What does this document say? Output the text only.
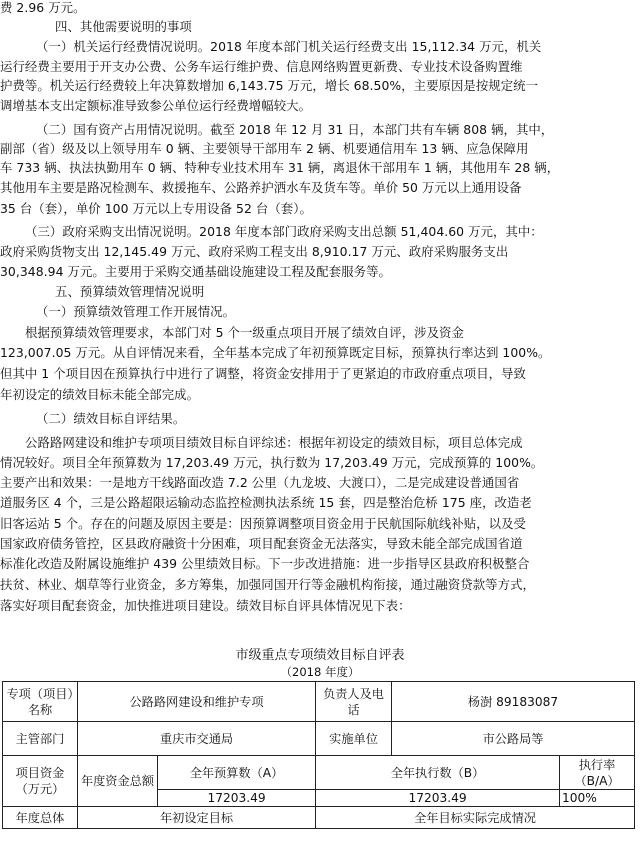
费 2.96 万元。

四、其他需要说明的事项

（一）机关运行经费情况说明。2018 年度本部门机关运行经费支出 15,112.34 万元，机关

运行经费主要用于开支办公费、公务车运行维护费、信息网络购置更新费、专业技术设备购置维

护费等。机关运行经费较上年决算数增加 6,143.75 万元，增长 68.50%，主要原因是按规定统一

调增基本支出定额标准导致参公单位运行经费增幅较大。

（二）国有资产占用情况说明。截至 2018 年 12 月 31 日，本部门共有车辆 808 辆，其中，

副部（省）级及以上领导用车 0 辆、主要领导干部用车 2 辆、机要通信用车 13 辆、应急保障用

车 733 辆、执法执勤用车 0 辆、特种专业技术用车 31 辆，离退休干部用车 1 辆，其他用车 28 辆，

其他用车主要是路况检测车、救援拖车、公路养护洒水车及货车等。单价 50 万元以上通用设备

35 台（套），单价 100 万元以上专用设备 52 台（套）。

（三）政府采购支出情况说明。2018 年度本部门政府采购支出总额 51,404.60 万元，其中：

政府采购货物支出 12,145.49 万元、政府采购工程支出 8,910.17 万元、政府采购服务支出

30,348.94 万元。主要用于采购交通基础设施建设工程及配套服务等。

五、预算绩效管理情况说明

（一）预算绩效管理工作开展情况。

根据预算绩效管理要求，本部门对 5 个一级重点项目开展了绩效自评，涉及资金

123,007.05 万元。从自评情况来看，全年基本完成了年初预算既定目标，预算执行率达到 100%。

但其中 1 个项目因在预算执行中进行了调整，将资金安排用于了更紧迫的市政府重点项目，导致

年初设定的绩效目标未能全部完成。

（二）绩效目标自评结果。

公路路网建设和维护专项项目绩效目标自评综述：根据年初设定的绩效目标，项目总体完成

情况较好。项目全年预算数为 17,203.49 万元，执行数为 17,203.49 万元，完成预算的 100%。

主要产出和效果：一是地方干线路面改造 7.2 公里（九龙坡、大渡口），二是完成建设普通国省

道服务区 4 个，三是公路超限运输动态监控检测执法系统 15 套，四是整治危桥 175 座，改造老

旧客运站 5 个。存在的问题及原因主要是：因预算调整项目资金用于民航国际航线补贴，以及受

国家政府债务管控，区县政府融资十分困难，项目配套资金无法落实，导致未能全部完成国省道

标准化改造及附属设施维护 439 公里绩效目标。下一步改进措施：进一步指导区县政府积极整合

扶贫、林业、烟草等行业资金，多方筹集，加强同国开行等金融机构衔接，通过融资贷款等方式，

落实好项目配套资金，加快推进项目建设。绩效目标自评具体情况见下表：

市级重点专项绩效目标自评表
（2018 年度）
专项（项目）名称	公路路网建设和维护专项		负责人及电话	杨澍 89183087	
主管部门	重庆市交通局		实施单位	市公路局等	
项目资金（万元）	年度资金总额	全年预算数（A）	全年执行数（B）		执行率（B/A）
		17203.49	17203.49		100%
年度总体	年初设定目标		全年目标实际完成情况		
